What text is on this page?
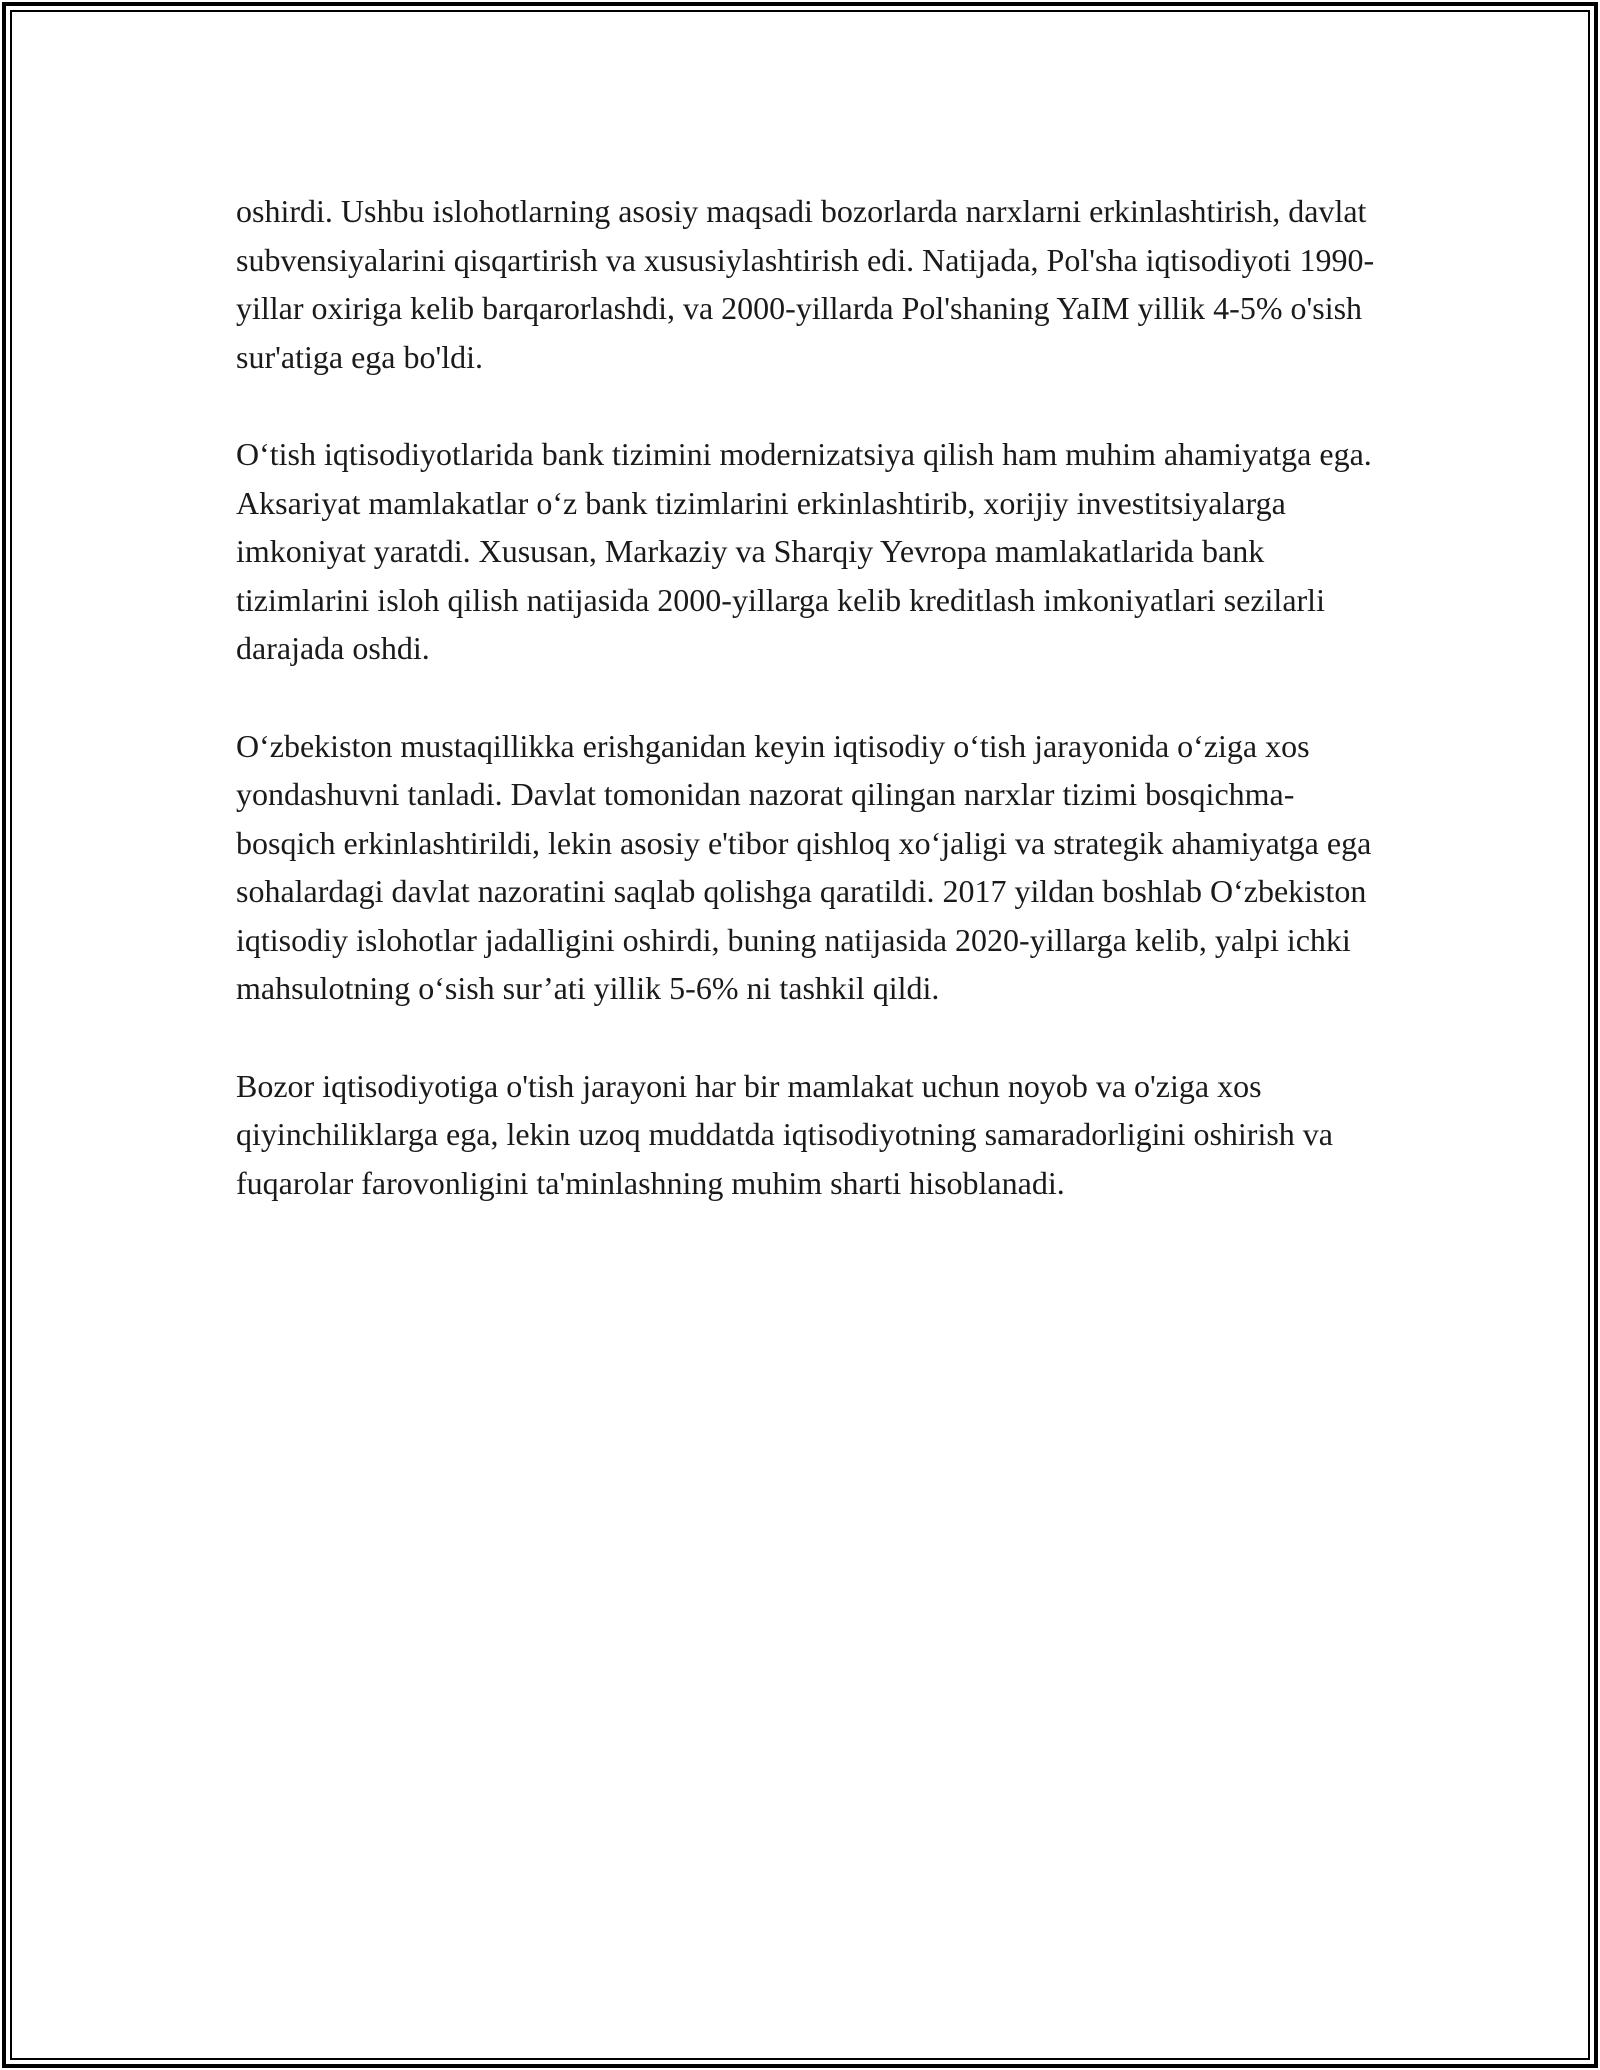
oshirdi. Ushbu islohotlarning asosiy maqsadi bozorlarda narxlarni erkinlashtirish, davlat subvensiyalarini qisqartirish va xususiylashtirish edi. Natijada, Pol'sha iqtisodiyoti 1990-yillar oxiriga kelib barqarorlashdi, va 2000-yillarda Pol'shaning YaIM yillik 4-5% o'sish sur'atiga ega bo'ldi.

O‘tish iqtisodiyotlarida bank tizimini modernizatsiya qilish ham muhim ahamiyatga ega. Aksariyat mamlakatlar o‘z bank tizimlarini erkinlashtirib, xorijiy investitsiyalarga imkoniyat yaratdi. Xususan, Markaziy va Sharqiy Yevropa mamlakatlarida bank tizimlarini isloh qilish natijasida 2000-yillarga kelib kreditlash imkoniyatlari sezilarli darajada oshdi.

O‘zbekiston mustaqillikka erishganidan keyin iqtisodiy o‘tish jarayonida o‘ziga xos yondashuvni tanladi. Davlat tomonidan nazorat qilingan narxlar tizimi bosqichma-bosqich erkinlashtirildi, lekin asosiy e'tibor qishloq xo‘jaligi va strategik ahamiyatga ega sohalardagi davlat nazoratini saqlab qolishga qaratildi. 2017 yildan boshlab O‘zbekiston iqtisodiy islohotlar jadalligini oshirdi, buning natijasida 2020-yillarga kelib, yalpi ichki mahsulotning o‘sish sur’ati yillik 5-6% ni tashkil qildi.

Bozor iqtisodiyotiga o'tish jarayoni har bir mamlakat uchun noyob va o'ziga xos qiyinchiliklarga ega, lekin uzoq muddatda iqtisodiyotning samaradorligini oshirish va fuqarolar farovonligini ta'minlashning muhim sharti hisoblanadi.
